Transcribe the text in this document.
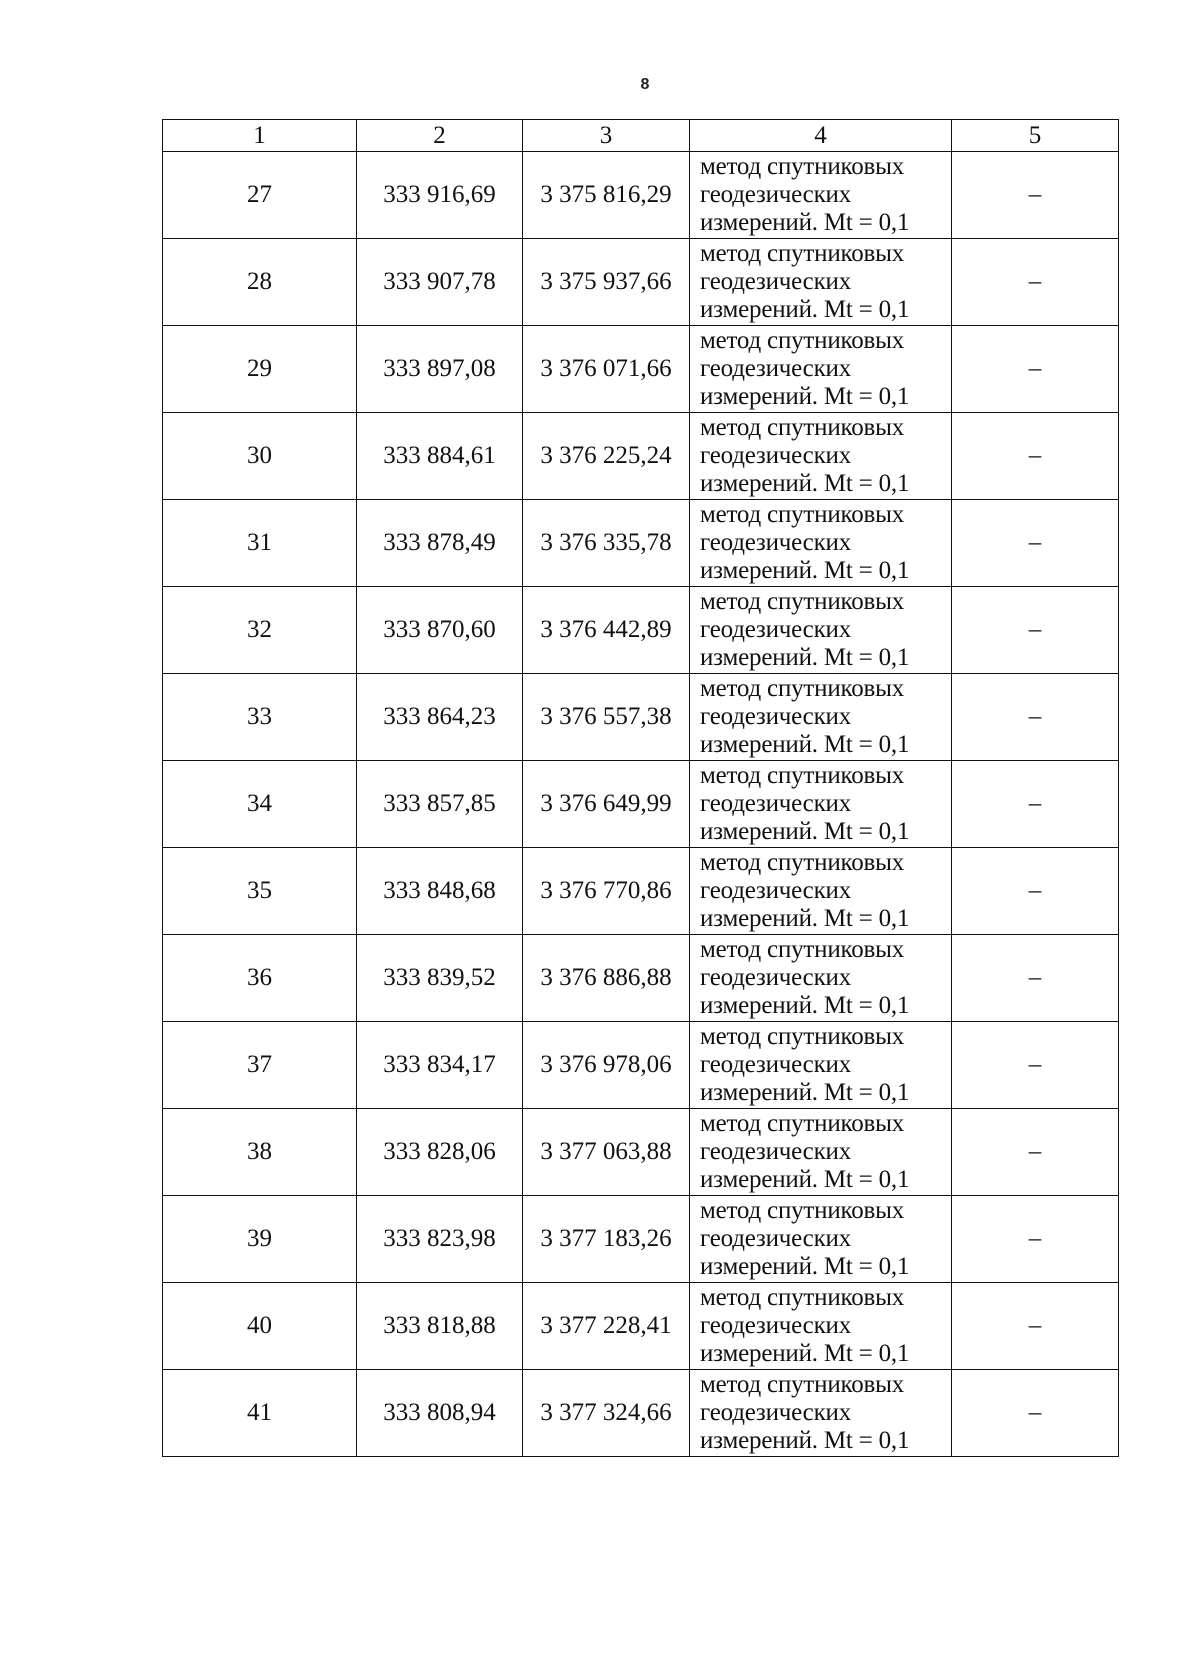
8
1	2	3	4	5
27	333 916,69	3 375 816,29	метод спутниковых
геодезических
измерений. Mt = 0,1	–
28	333 907,78	3 375 937,66	метод спутниковых
геодезических
измерений. Mt = 0,1	–
29	333 897,08	3 376 071,66	метод спутниковых
геодезических
измерений. Mt = 0,1	–
30	333 884,61	3 376 225,24	метод спутниковых
геодезических
измерений. Mt = 0,1	–
31	333 878,49	3 376 335,78	метод спутниковых
геодезических
измерений. Mt = 0,1	–
32	333 870,60	3 376 442,89	метод спутниковых
геодезических
измерений. Mt = 0,1	–
33	333 864,23	3 376 557,38	метод спутниковых
геодезических
измерений. Mt = 0,1	–
34	333 857,85	3 376 649,99	метод спутниковых
геодезических
измерений. Mt = 0,1	–
35	333 848,68	3 376 770,86	метод спутниковых
геодезических
измерений. Mt = 0,1	–
36	333 839,52	3 376 886,88	метод спутниковых
геодезических
измерений. Mt = 0,1	–
37	333 834,17	3 376 978,06	метод спутниковых
геодезических
измерений. Mt = 0,1	–
38	333 828,06	3 377 063,88	метод спутниковых
геодезических
измерений. Mt = 0,1	–
39	333 823,98	3 377 183,26	метод спутниковых
геодезических
измерений. Mt = 0,1	–
40	333 818,88	3 377 228,41	метод спутниковых
геодезических
измерений. Mt = 0,1	–
41	333 808,94	3 377 324,66	метод спутниковых
геодезических
измерений. Mt = 0,1	–
